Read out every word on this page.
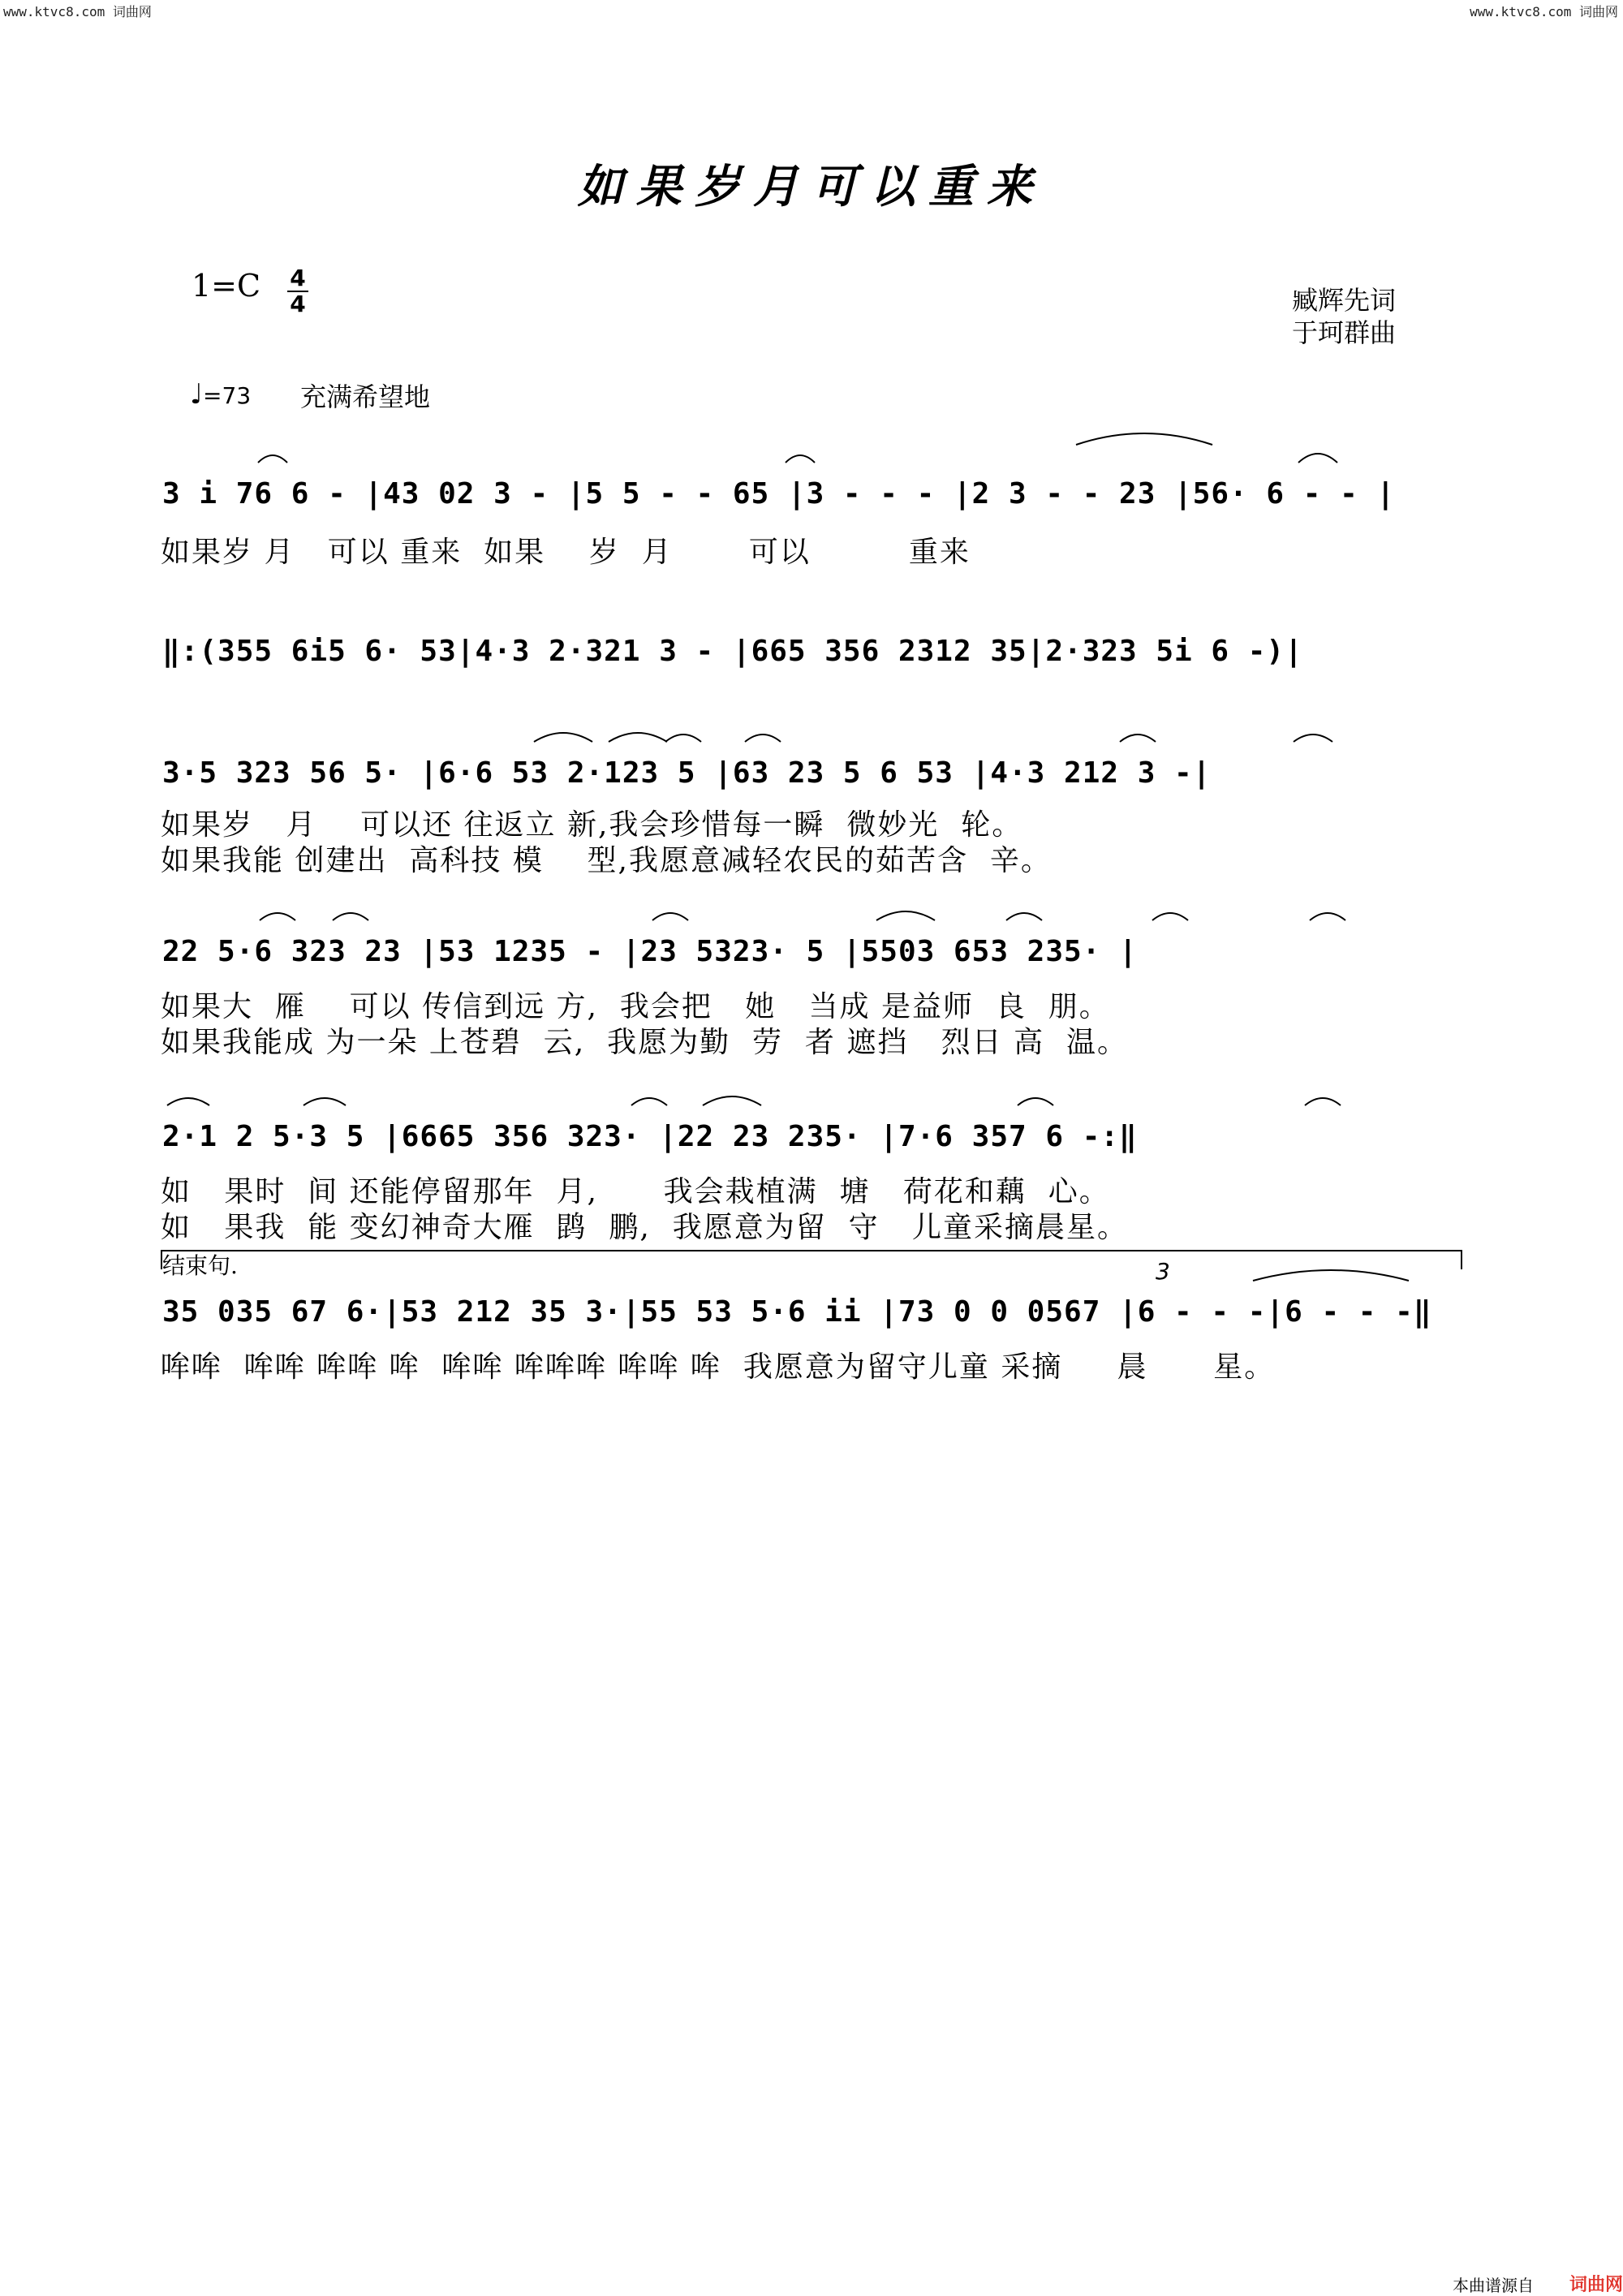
www.ktvc8.com 词曲网	www.ktvc8.com 词曲网
如果岁月可以重来
1=C 4
4	臧辉先词
于珂群曲
♩=73 充满希望地
3 i 76 6 - |43 02 3 - |5 5 - - 65 |3 - - - |2 3 - - 23 |56· 6 - - |
如果岁 月   可以 重来  如果    岁  月       可以         重来
‖:(355 6i5 6· 53|4·3 2·321 3 - |665 356 2312 35|2·323 5i 6 -)|
3·5 323 56 5· |6·6 53 2·123 5 |63 23 5 6 53 |4·3 212 3 -|
如果岁   月    可以还 往返立 新,我会珍惜每一瞬  微妙光  轮。
如果我能 创建出  高科技 模    型,我愿意减轻农民的茹苦含  辛。
22 5·6 323 23 |53 1235 - |23 5323· 5 |5503 653 235· |
如果大  雁    可以 传信到远 方,  我会把   她   当成 是益师  良  朋。
如果我能成 为一朵 上苍碧  云,  我愿为勤  劳  者 遮挡   烈日 高  温。
2·1 2 5·3 5 |6665 356 323· |22 23 235· |7·6 357 6 -:‖
如   果时  间 还能停留那年  月,      我会栽植满  塘   荷花和藕  心。
如   果我  能 变幻神奇大雁  鹍  鹏,  我愿意为留  守   儿童采摘晨星。
结束句.	3
35 035 67 6·|53 212 35 3·|55 53 5·6 ii |73 0 0 0567 |6 - - -|6 - - -‖
哞哞  哞哞 哞哞 哞  哞哞 哞哞哞 哞哞 哞  我愿意为留守儿童 采摘     晨      星。
本曲谱源自 词曲网
